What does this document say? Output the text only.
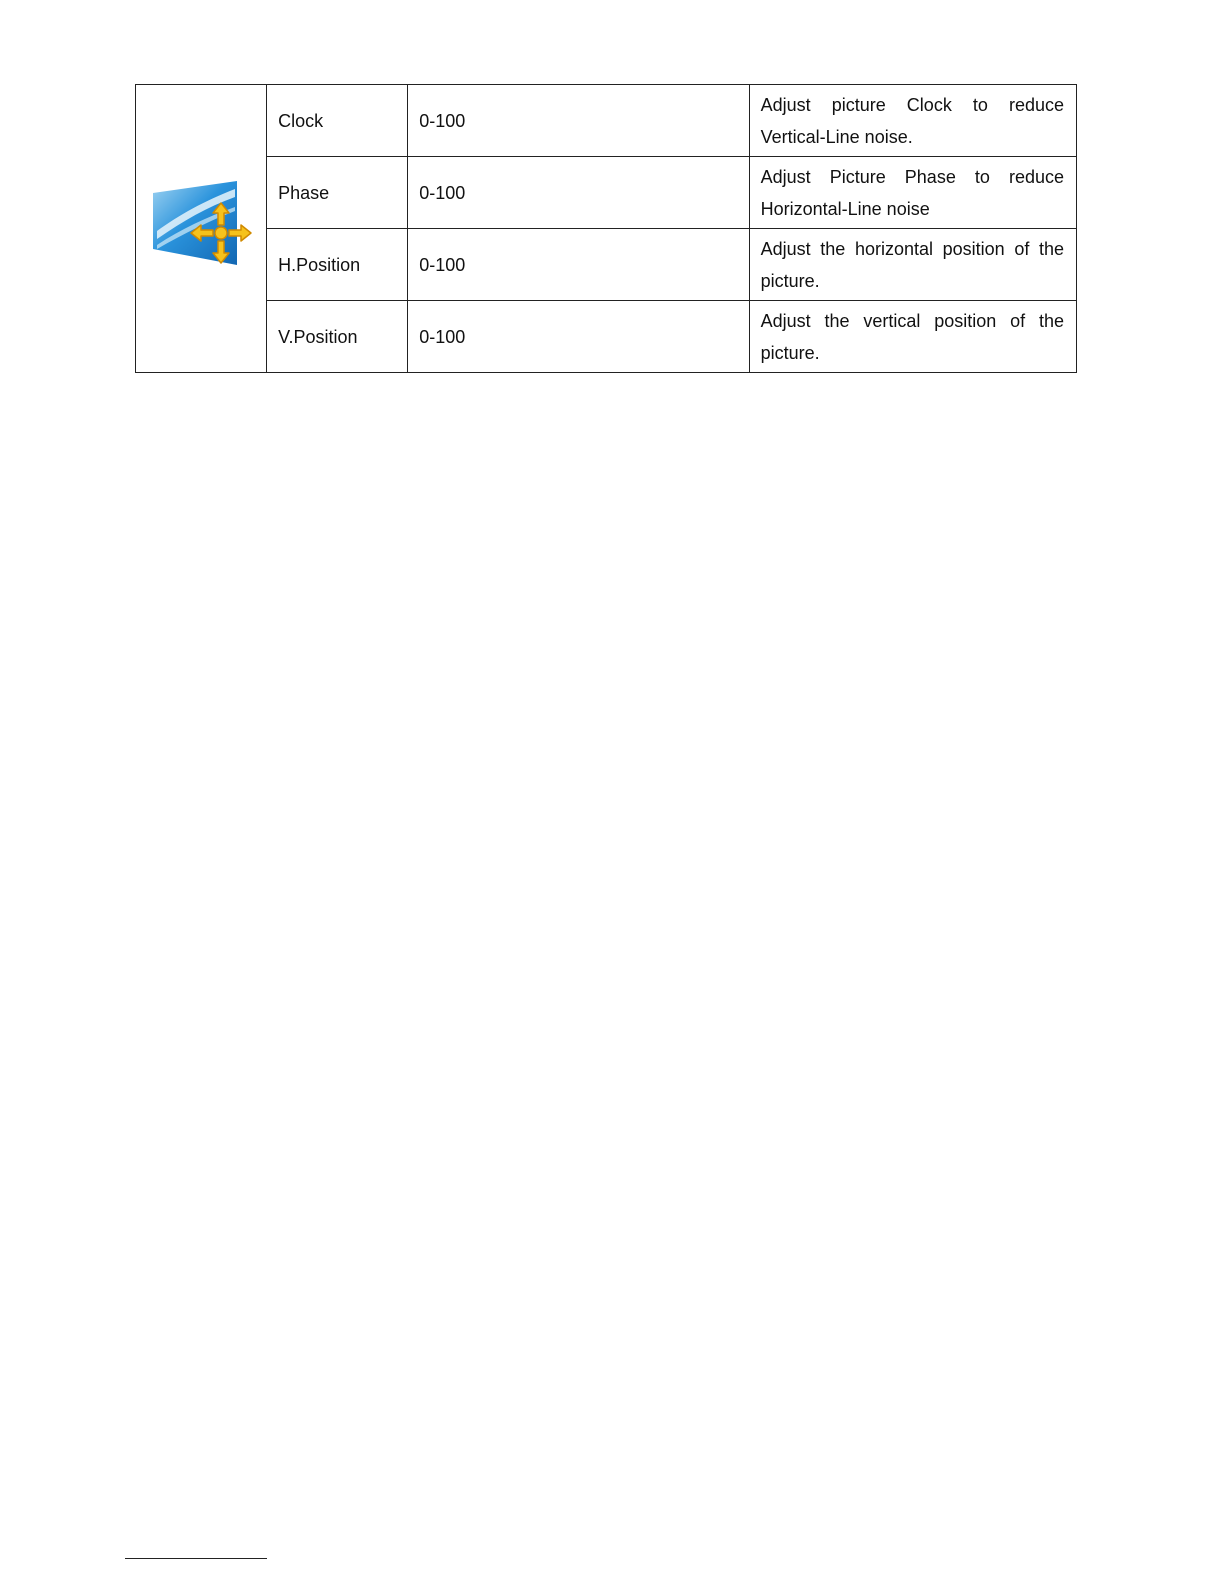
	Clock	0-100	Adjust picture Clock to reduce Vertical-Line noise.

	Phase	0-100	Adjust Picture Phase to reduce Horizontal-Line noise

	H.Position	0-100	Adjust the horizontal position of the picture.

	V.Position	0-100	Adjust the vertical position of the picture.
